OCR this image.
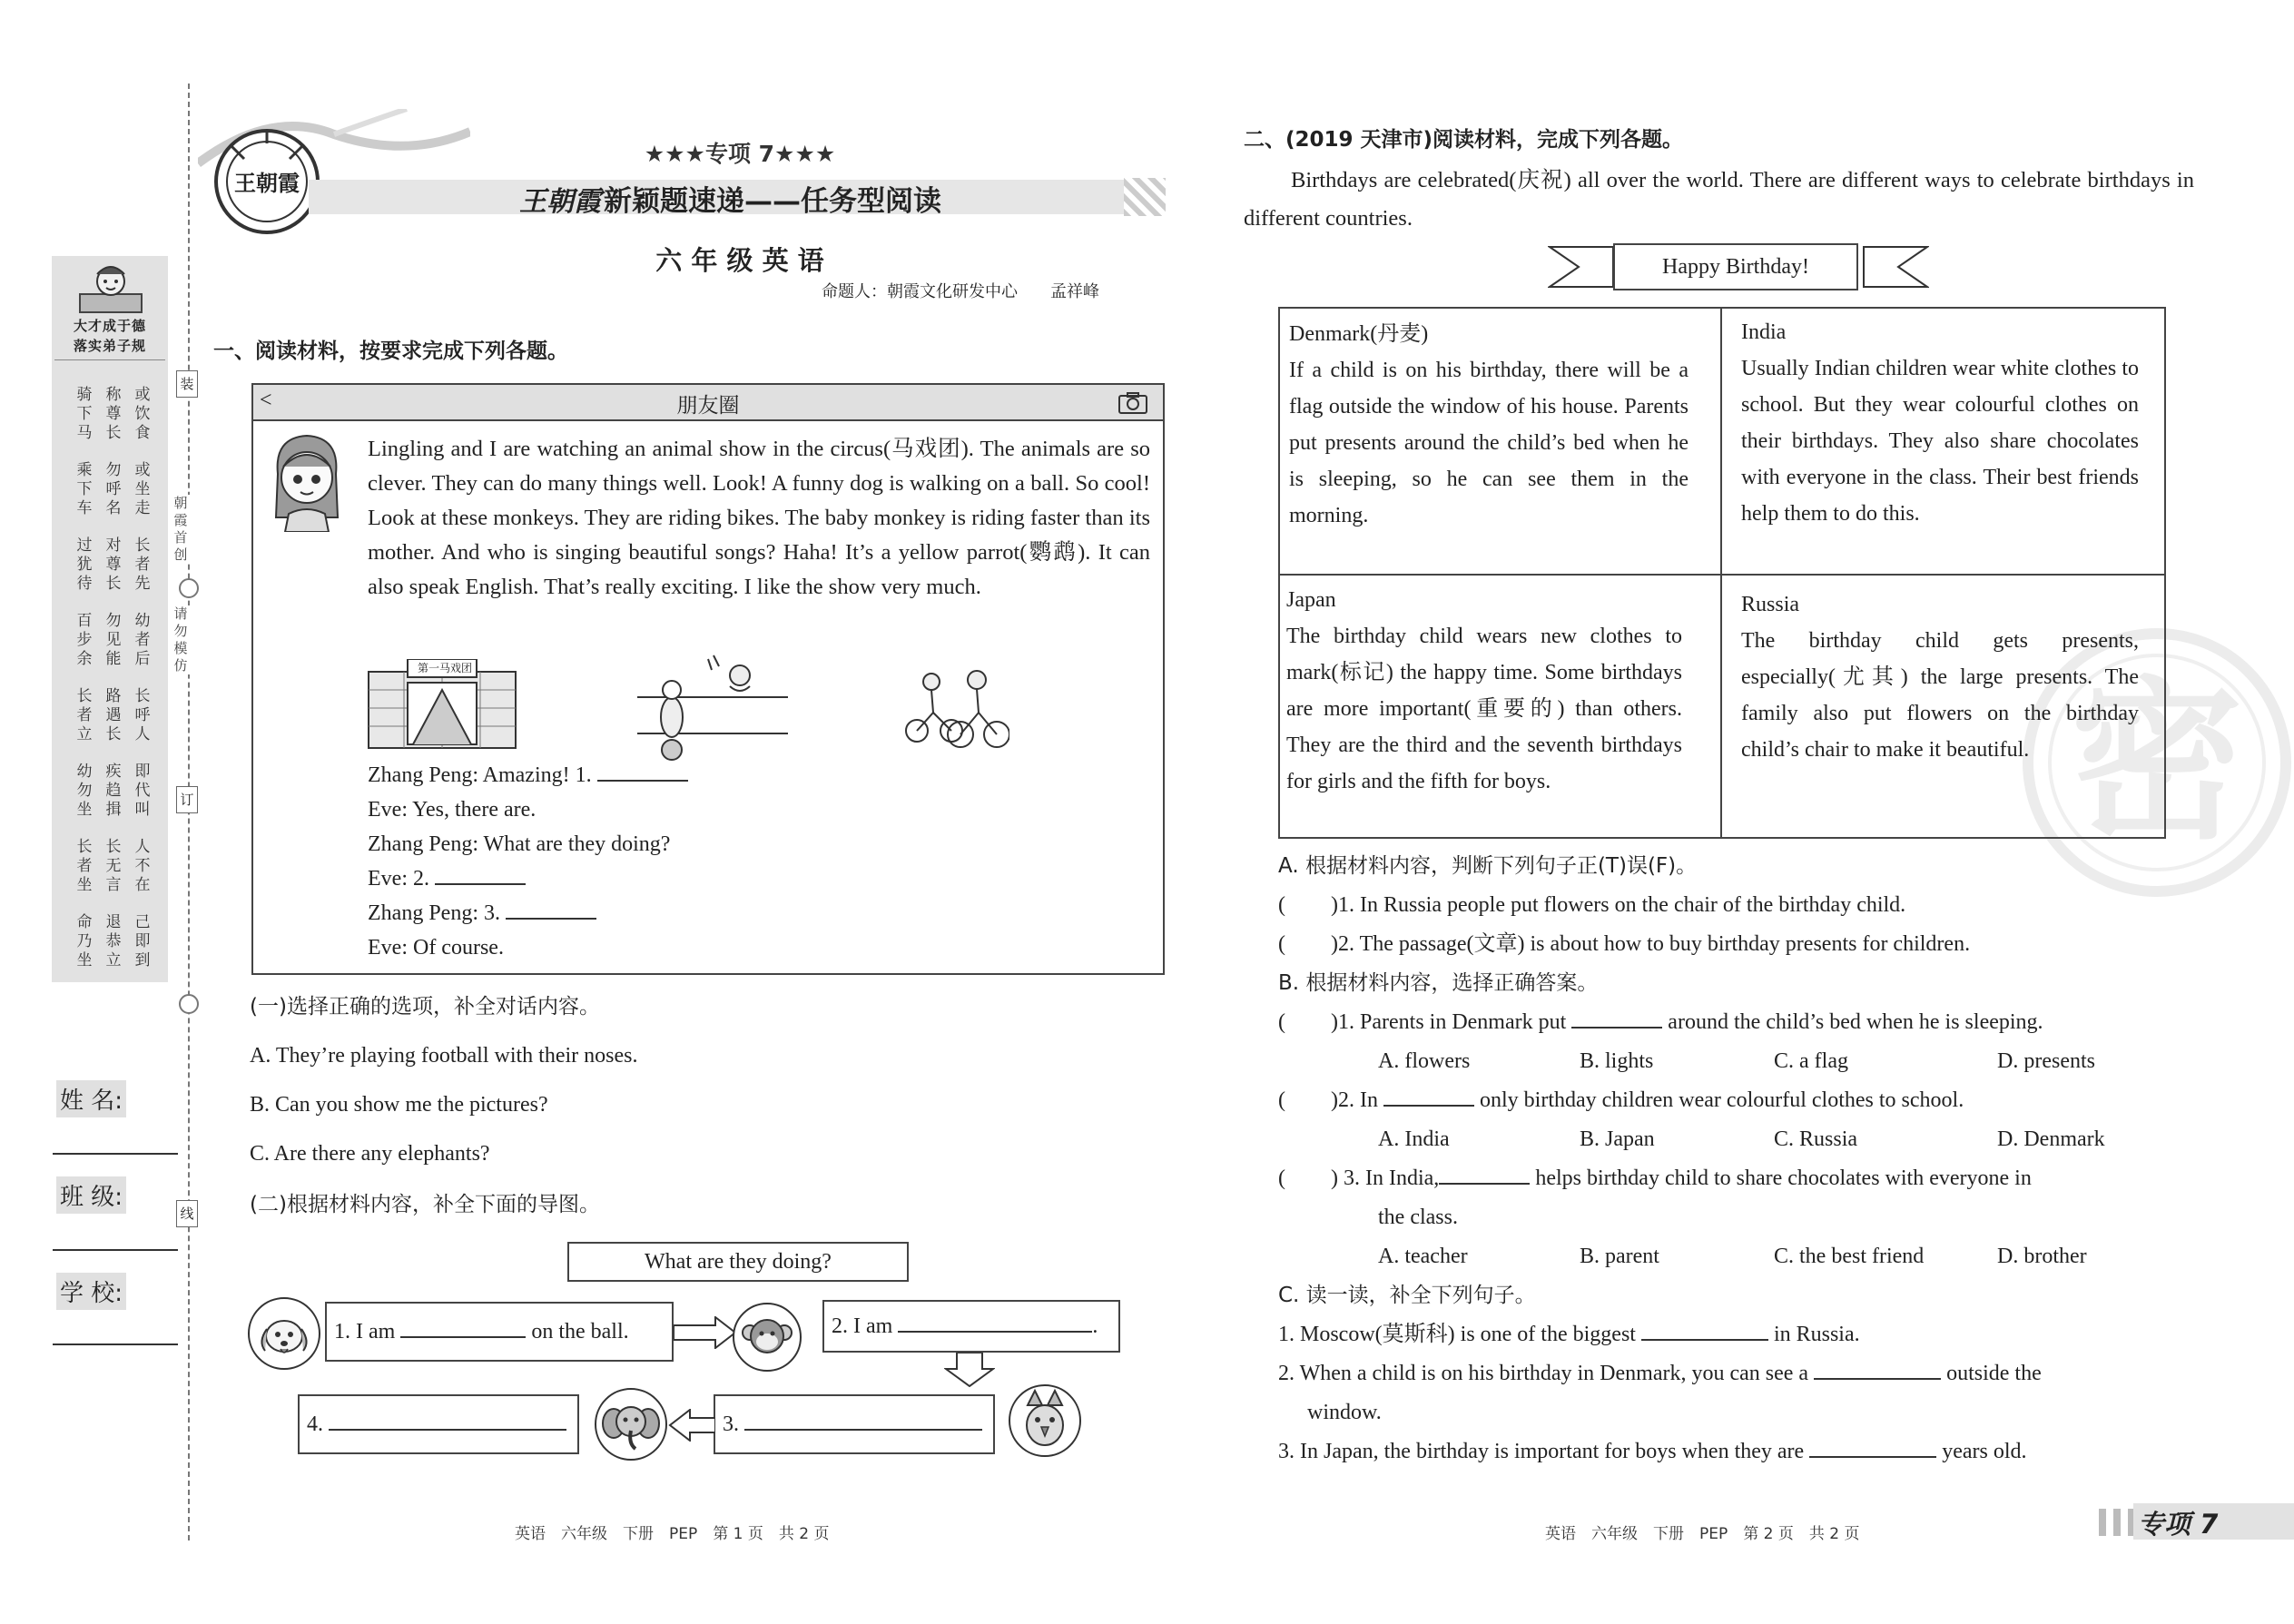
装
订
线
朝霞首创
请勿模仿
大才成于德
落实弟子规
骑下马
称尊长
或饮食
乘下车
勿呼名
或坐走
过犹待
对尊长
长者先
百步余
勿见能
幼者后
长者立
路遇长
长呼人
幼勿坐
疾趋揖
即代叫
长者坐
长无言
人不在
命乃坐
退恭立
己即到
姓 名:
班 级:
学 校:
王朝霞
★★★专项 7★★★
王朝霞 新颖题速递——任务型阅读
六 年 级 英 语
命题人：朝霞文化研发中心　　孟祥峰
一、阅读材料，按要求完成下列各题。
<	朋友圈
Lingling and I are watching an animal show in the circus(马戏团). The animals are so clever. They can do many things well. Look! A funny dog is walking on a ball. So cool! Look at these monkeys. They are riding bikes. The baby monkey is riding faster than its mother. And who is singing beautiful songs? Haha! It’s a yellow parrot(鹦鹉). It can also speak English. That’s really exciting. I like the show very much.
第一马戏团
Zhang Peng: Amazing! 1.
Eve: Yes, there are.
Zhang Peng: What are they doing?
Eve: 2.
Zhang Peng: 3.
Eve: Of course.
(一)选择正确的选项，补全对话内容。
A. They’re playing football with their noses.
B. Can you show me the pictures?
C. Are there any elephants?
(二)根据材料内容，补全下面的导图。
What are they doing?
1. I am	on the ball.	2. I am	.
3.
4.
英语　六年级　下册　PEP　第 1 页　共 2 页
密
二、(2019 天津市)阅读材料，完成下列各题。
Birthdays are celebrated(庆祝) all over the world. There are different ways to celebrate birthdays in different countries.
Happy Birthday!
Denmark(丹麦)
If a child is on his birthday, there will be a flag outside the window of his house. Parents put presents around the child’s bed when he is sleeping, so he can see them in the morning.
India
Usually Indian children wear white clothes to school. But they wear colourful clothes on their birthdays. They also share chocolates with everyone in the class. Their best friends help them to do this.
Japan
The birthday child wears new clothes to mark(标记) the happy time. Some birthdays are more important(重要的) than others. They are the third and the seventh birthdays for girls and the fifth for boys.
Russia
The birthday child gets presents, especially(尤其) the large presents. The family also put flowers on the birthday child’s chair to make it beautiful.
A. 根据材料内容，判断下列句子正(T)误(F)。
( )1. In Russia people put flowers on the chair of the birthday child.
( )2. The passage(文章) is about how to buy birthday presents for children.
B. 根据材料内容，选择正确答案。
( )1. Parents in Denmark put	around the child’s bed when he is sleeping.
A. flowers	B. lights	C. a flag	D. presents
( )2. In	only birthday children wear colourful clothes to school.
A. India	B. Japan	C. Russia	D. Denmark
( ) 3. In India,	helps birthday child to share chocolates with everyone in
the class.
A. teacher	B. parent	C. the best friend	D. brother
C. 读一读，补全下列句子。
1. Moscow(莫斯科) is one of the biggest	in Russia.
2. When a child is on his birthday in Denmark, you can see a	outside the
window.
3. In Japan, the birthday is important for boys when they are	years old.
英语　六年级　下册　PEP　第 2 页　共 2 页	专项 7
